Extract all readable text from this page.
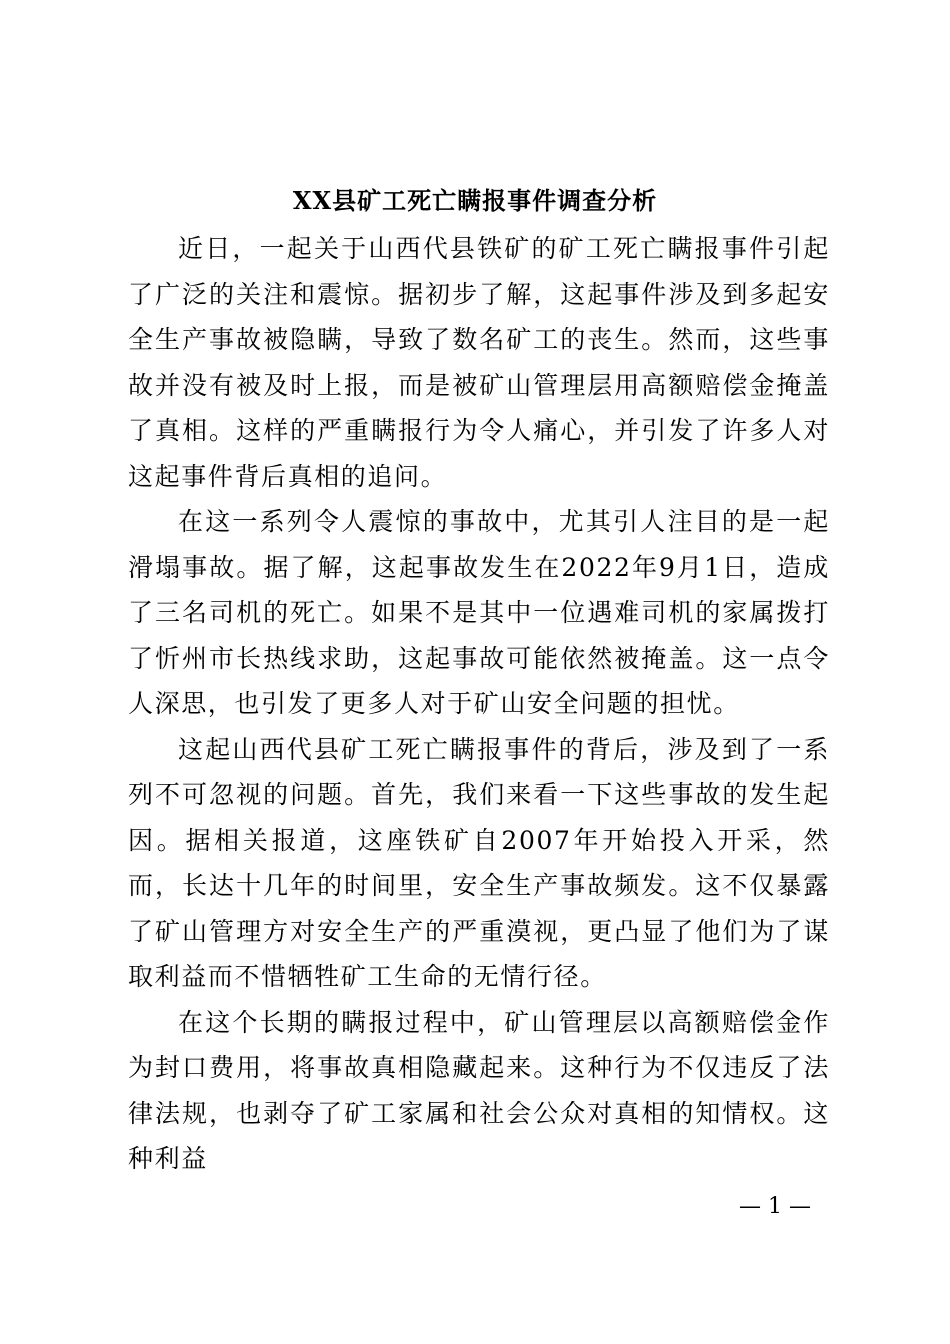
XX县矿工死亡瞒报事件调查分析

近日，一起关于山西代县铁矿的矿工死亡瞒报事件引起了广泛的关注和震惊。据初步了解，这起事件涉及到多起安全生产事故被隐瞒，导致了数名矿工的丧生。然而，这些事故并没有被及时上报，而是被矿山管理层用高额赔偿金掩盖了真相。这样的严重瞒报行为令人痛心，并引发了许多人对这起事件背后真相的追问。

在这一系列令人震惊的事故中，尤其引人注目的是一起滑塌事故。据了解，这起事故发生在2022年9月1日，造成了三名司机的死亡。如果不是其中一位遇难司机的家属拨打了忻州市长热线求助，这起事故可能依然被掩盖。这一点令人深思，也引发了更多人对于矿山安全问题的担忧。

这起山西代县矿工死亡瞒报事件的背后，涉及到了一系列不可忽视的问题。首先，我们来看一下这些事故的发生起因。据相关报道，这座铁矿自2007年开始投入开采，然而，长达十几年的时间里，安全生产事故频发。这不仅暴露了矿山管理方对安全生产的严重漠视，更凸显了他们为了谋取利益而不惜牺牲矿工生命的无情行径。

在这个长期的瞒报过程中，矿山管理层以高额赔偿金作为封口费用，将事故真相隐藏起来。这种行为不仅违反了法律法规，也剥夺了矿工家属和社会公众对真相的知情权。这种利益

— 1 —
